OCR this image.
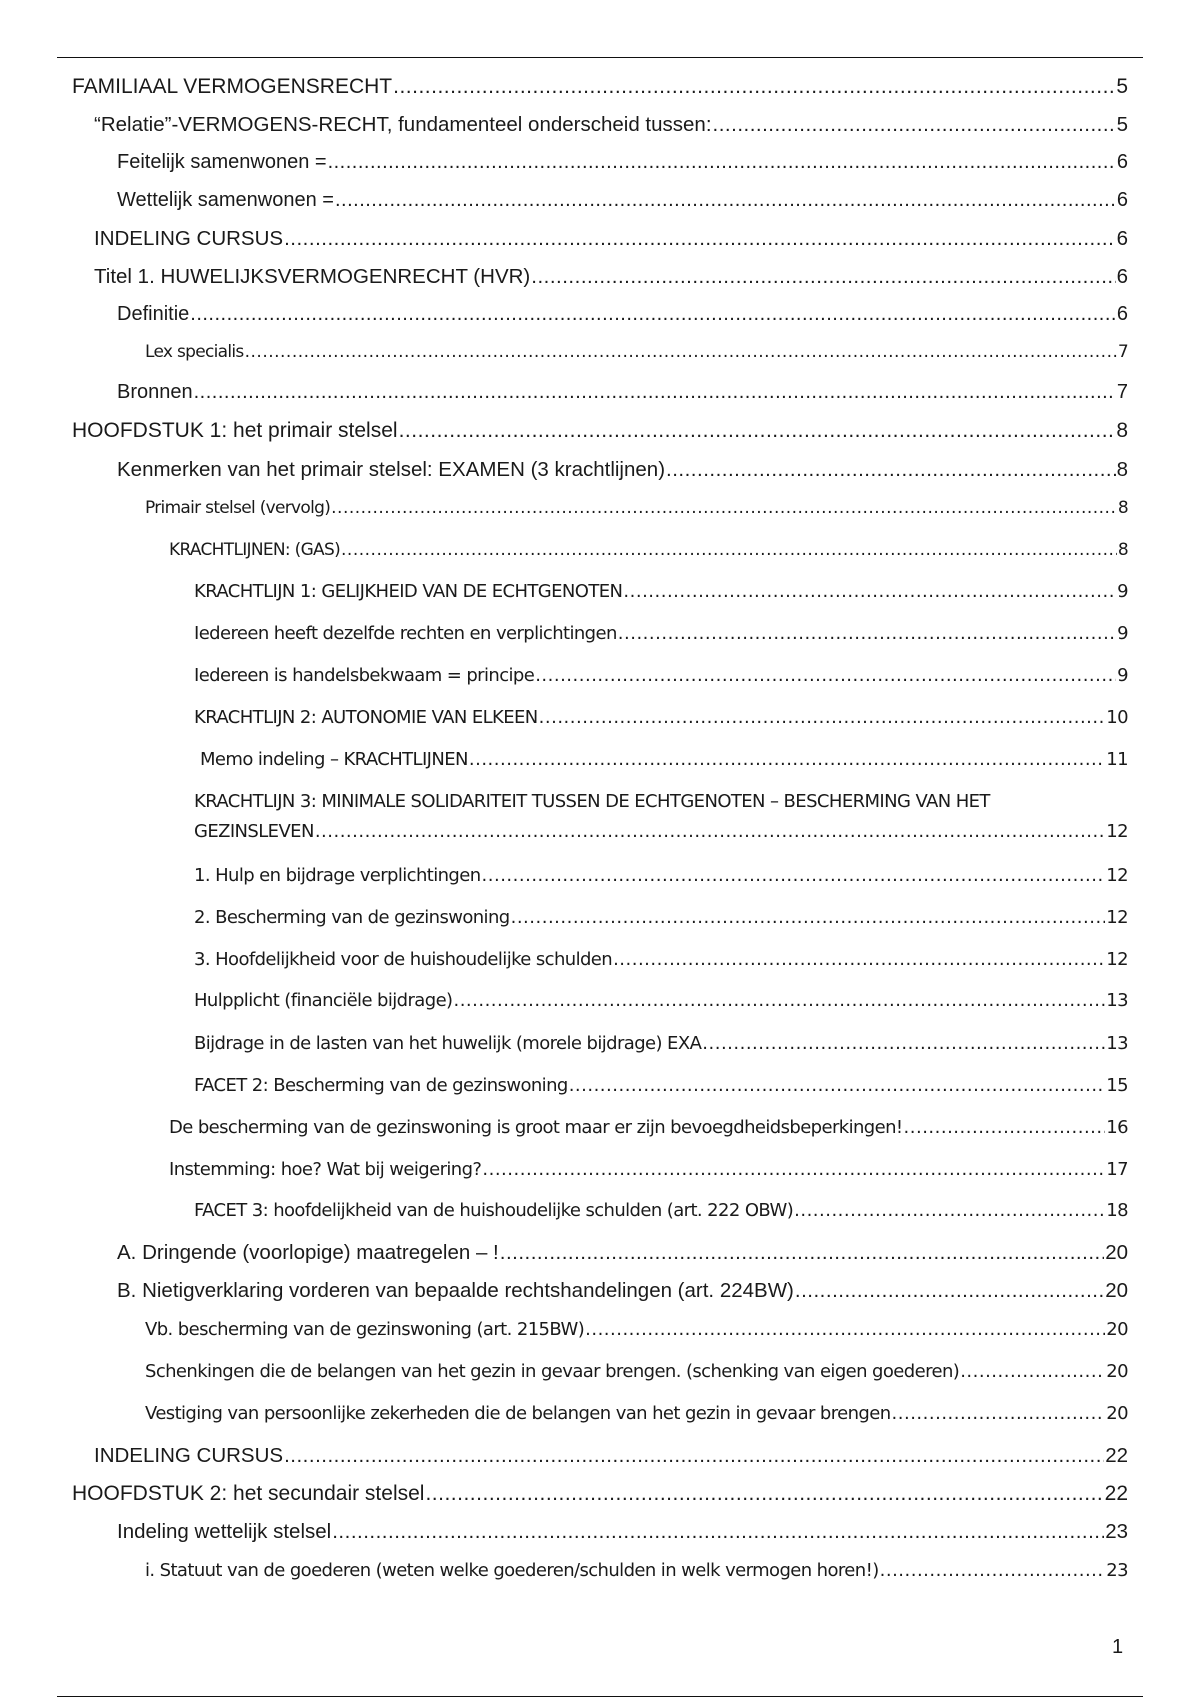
FAMILIAAL VERMOGENSRECHT .....	5
“Relatie”-VERMOGENS-RECHT, fundamenteel onderscheid tussen: .....	5
Feitelijk samenwonen = .....	6
Wettelijk samenwonen = .....	6
INDELING CURSUS .....	6
Titel 1. HUWELIJKSVERMOGENRECHT (HVR) .....	6
Definitie .....	6
Lex specialis .....	7
Bronnen .....	7
HOOFDSTUK 1: het primair stelsel .....	8
Kenmerken van het primair stelsel: EXAMEN (3 krachtlijnen) .....	8
Primair stelsel (vervolg) .....	8
KRACHTLIJNEN: (GAS) .....	8
KRACHTLIJN 1: GELIJKHEID VAN DE ECHTGENOTEN .....	9
Iedereen heeft dezelfde rechten en verplichtingen .....	9
Iedereen is handelsbekwaam = principe .....	9
KRACHTLIJN 2: AUTONOMIE VAN ELKEEN .....	10
Memo indeling – KRACHTLIJNEN .....	11
KRACHTLIJN 3: MINIMALE SOLIDARITEIT TUSSEN DE ECHTGENOTEN – BESCHERMING VAN HET
GEZINSLEVEN .....	12
1. Hulp en bijdrage verplichtingen .....	12
2. Bescherming van de gezinswoning .....	12
3. Hoofdelijkheid voor de huishoudelijke schulden .....	12
Hulpplicht (financiële bijdrage) .....	13
Bijdrage in de lasten van het huwelijk (morele bijdrage) EXA .....	13
FACET 2: Bescherming van de gezinswoning .....	15
De bescherming van de gezinswoning is groot maar er zijn bevoegdheidsbeperkingen! .....	16
Instemming: hoe? Wat bij weigering? .....	17
FACET 3: hoofdelijkheid van de huishoudelijke schulden (art. 222 OBW) .....	18
A. Dringende (voorlopige) maatregelen – ! .....	20
B. Nietigverklaring vorderen van bepaalde rechtshandelingen (art. 224BW) .....	20
Vb. bescherming van de gezinswoning (art. 215BW) .....	20
Schenkingen die de belangen van het gezin in gevaar brengen. (schenking van eigen goederen) .....	20
Vestiging van persoonlijke zekerheden die de belangen van het gezin in gevaar brengen .....	20
INDELING CURSUS .....	22
HOOFDSTUK 2: het secundair stelsel .....	22
Indeling wettelijk stelsel .....	23
i. Statuut van de goederen (weten welke goederen/schulden in welk vermogen horen!) .....	23
1
